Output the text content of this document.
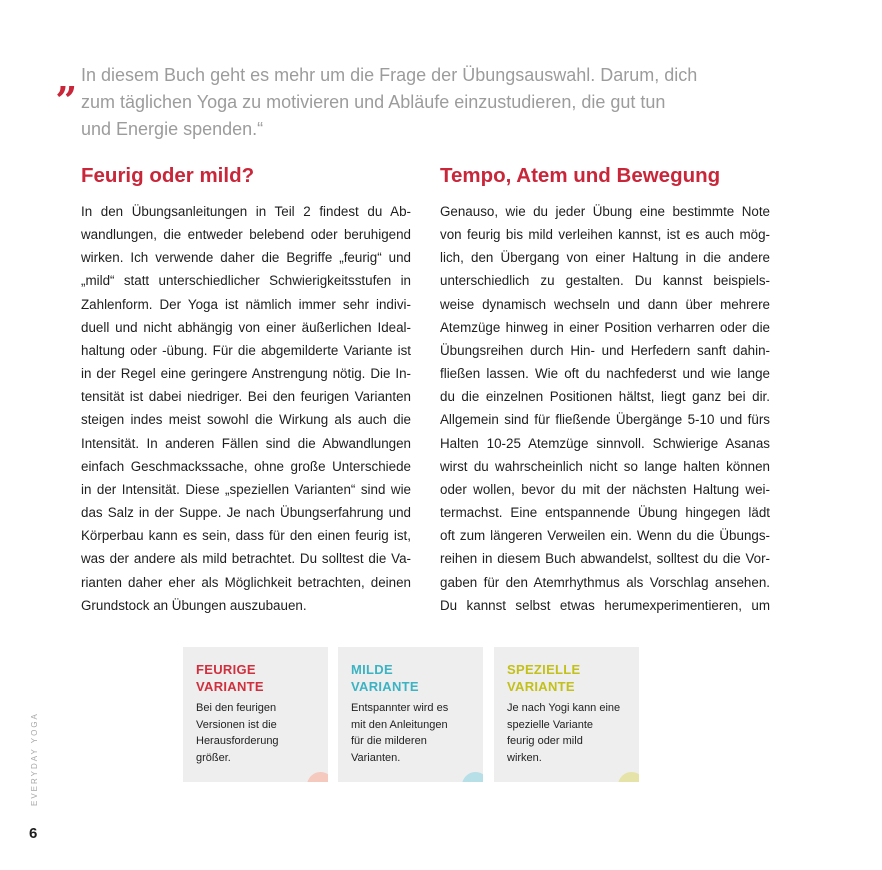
„ In diesem Buch geht es mehr um die Frage der Übungsauswahl. Darum, dich
zum täglichen Yoga zu motivieren und Abläufe einzustudieren, die gut tun
und Energie spenden.“

Feurig oder mild?	Tempo, Atem und Bewegung
In den Übungsanleitungen in Teil 2 findest du Ab-
wandlungen, die entweder belebend oder beruhigend
wirken. Ich verwende daher die Begriffe „feurig“ und
„mild“ statt unterschiedlicher Schwierigkeitsstufen in
Zahlenform. Der Yoga ist nämlich immer sehr indivi-
duell und nicht abhängig von einer äußerlichen Ideal-
haltung oder -übung. Für die abgemilderte Variante ist
in der Regel eine geringere Anstrengung nötig. Die In-
tensität ist dabei niedriger. Bei den feurigen Varianten
steigen indes meist sowohl die Wirkung als auch die
Intensität. In anderen Fällen sind die Abwandlungen
einfach Geschmackssache, ohne große Unterschiede
in der Intensität. Diese „speziellen Varianten“ sind wie
das Salz in der Suppe. Je nach Übungserfahrung und
Körperbau kann es sein, dass für den einen feurig ist,
was der andere als mild betrachtet. Du solltest die Va-
rianten daher eher als Möglichkeit betrachten, deinen
Grundstock an Übungen auszubauen.
Genauso, wie du jeder Übung eine bestimmte Note
von feurig bis mild verleihen kannst, ist es auch mög-
lich, den Übergang von einer Haltung in die andere
unterschiedlich zu gestalten. Du kannst beispiels-
weise dynamisch wechseln und dann über mehrere
Atemzüge hinweg in einer Position verharren oder die
Übungsreihen durch Hin- und Herfedern sanft dahin-
fließen lassen. Wie oft du nachfederst und wie lange
du die einzelnen Positionen hältst, liegt ganz bei dir.
Allgemein sind für fließende Übergänge 5-10 und fürs
Halten 10-25 Atemzüge sinnvoll. Schwierige Asanas
wirst du wahrscheinlich nicht so lange halten können
oder wollen, bevor du mit der nächsten Haltung wei-
termachst. Eine entspannende Übung hingegen lädt
oft zum längeren Verweilen ein. Wenn du die Übungs-
reihen in diesem Buch abwandelst, solltest du die Vor-
gaben für den Atemrhythmus als Vorschlag ansehen.
Du kannst selbst etwas herumexperimentieren, um
FEURIGE
VARIANTE
Bei den feurigen
Versionen ist die
Herausforderung
größer.
MILDE
VARIANTE
Entspannter wird es
mit den Anleitungen
für die milderen
Varianten.
SPEZIELLE
VARIANTE
Je nach Yogi kann eine
spezielle Variante
feurig oder mild
wirken.
EVERYDAY YOGA
6
